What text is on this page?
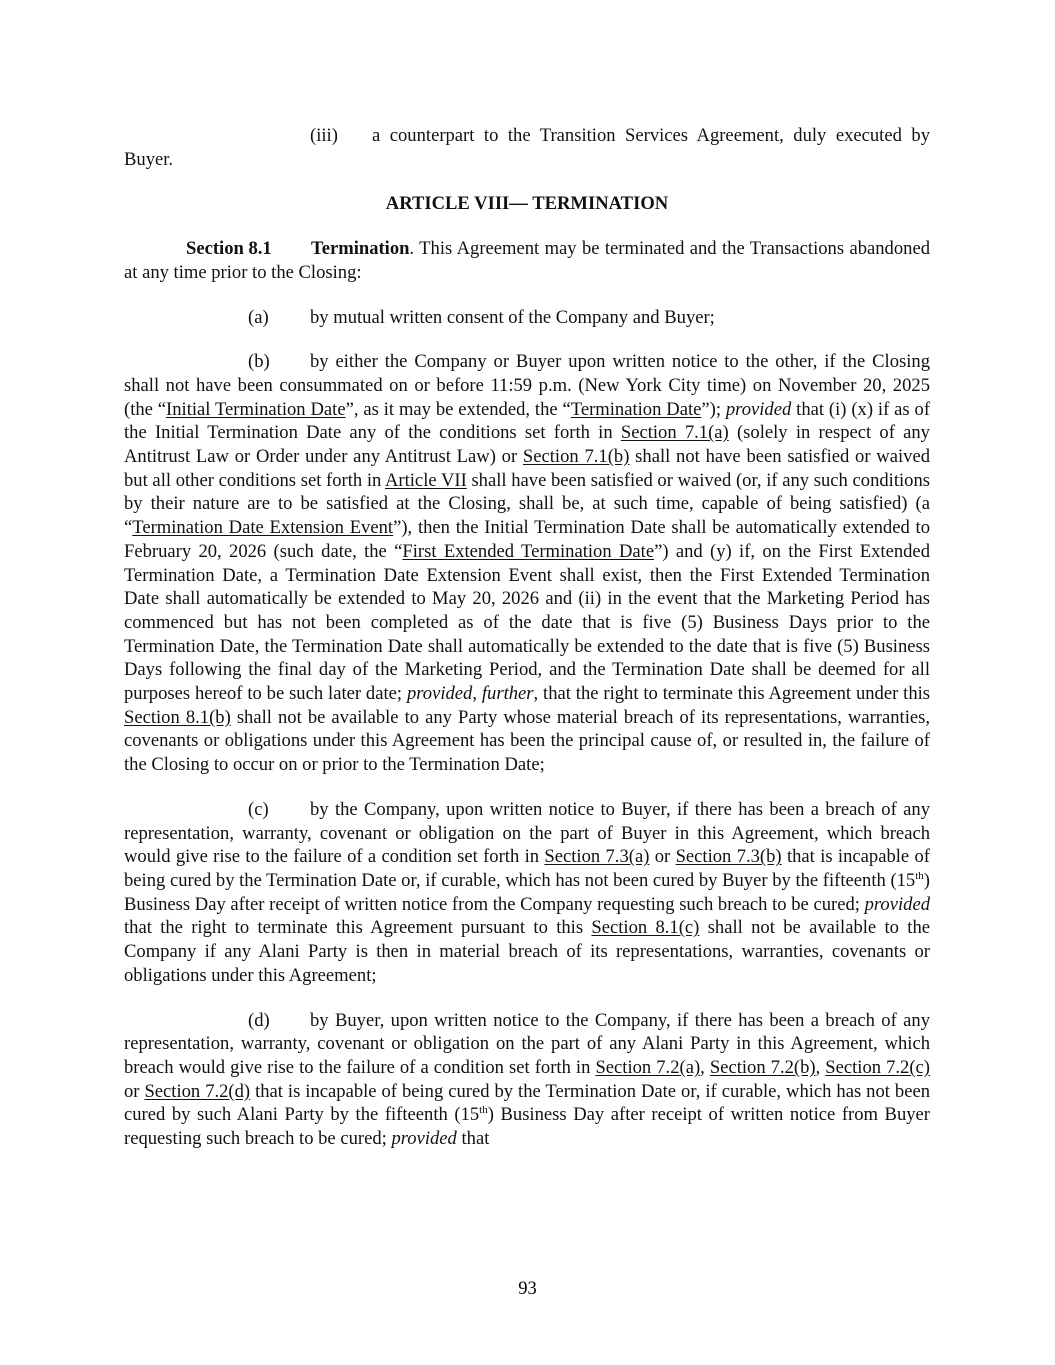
(iii) a counterpart to the Transition Services Agreement, duly executed by Buyer.

ARTICLE VIII— TERMINATION

Section 8.1 Termination. This Agreement may be terminated and the Transactions abandoned at any time prior to the Closing:

(a) by mutual written consent of the Company and Buyer;

(b) by either the Company or Buyer upon written notice to the other, if the Closing shall not have been consummated on or before 11:59 p.m. (New York City time) on November 20, 2025 (the “Initial Termination Date”, as it may be extended, the “Termination Date”); provided that (i) (x) if as of the Initial Termination Date any of the conditions set forth in Section 7.1(a) (solely in respect of any Antitrust Law or Order under any Antitrust Law) or Section 7.1(b) shall not have been satisfied or waived but all other conditions set forth in Article VII shall have been satisfied or waived (or, if any such conditions by their nature are to be satisfied at the Closing, shall be, at such time, capable of being satisfied) (a “Termination Date Extension Event”), then the Initial Termination Date shall be automatically extended to February 20, 2026 (such date, the “First Extended Termination Date”) and (y) if, on the First Extended Termination Date, a Termination Date Extension Event shall exist, then the First Extended Termination Date shall automatically be extended to May 20, 2026 and (ii) in the event that the Marketing Period has commenced but has not been completed as of the date that is five (5) Business Days prior to the Termination Date, the Termination Date shall automatically be extended to the date that is five (5) Business Days following the final day of the Marketing Period, and the Termination Date shall be deemed for all purposes hereof to be such later date; provided, further, that the right to terminate this Agreement under this Section 8.1(b) shall not be available to any Party whose material breach of its representations, warranties, covenants or obligations under this Agreement has been the principal cause of, or resulted in, the failure of the Closing to occur on or prior to the Termination Date;

(c) by the Company, upon written notice to Buyer, if there has been a breach of any representation, warranty, covenant or obligation on the part of Buyer in this Agreement, which breach would give rise to the failure of a condition set forth in Section 7.3(a) or Section 7.3(b) that is incapable of being cured by the Termination Date or, if curable, which has not been cured by Buyer by the fifteenth (15th) Business Day after receipt of written notice from the Company requesting such breach to be cured; provided that the right to terminate this Agreement pursuant to this Section 8.1(c) shall not be available to the Company if any Alani Party is then in material breach of its representations, warranties, covenants or obligations under this Agreement;

(d) by Buyer, upon written notice to the Company, if there has been a breach of any representation, warranty, covenant or obligation on the part of any Alani Party in this Agreement, which breach would give rise to the failure of a condition set forth in Section 7.2(a), Section 7.2(b), Section 7.2(c) or Section 7.2(d) that is incapable of being cured by the Termination Date or, if curable, which has not been cured by such Alani Party by the fifteenth (15th) Business Day after receipt of written notice from Buyer requesting such breach to be cured; provided that

93
